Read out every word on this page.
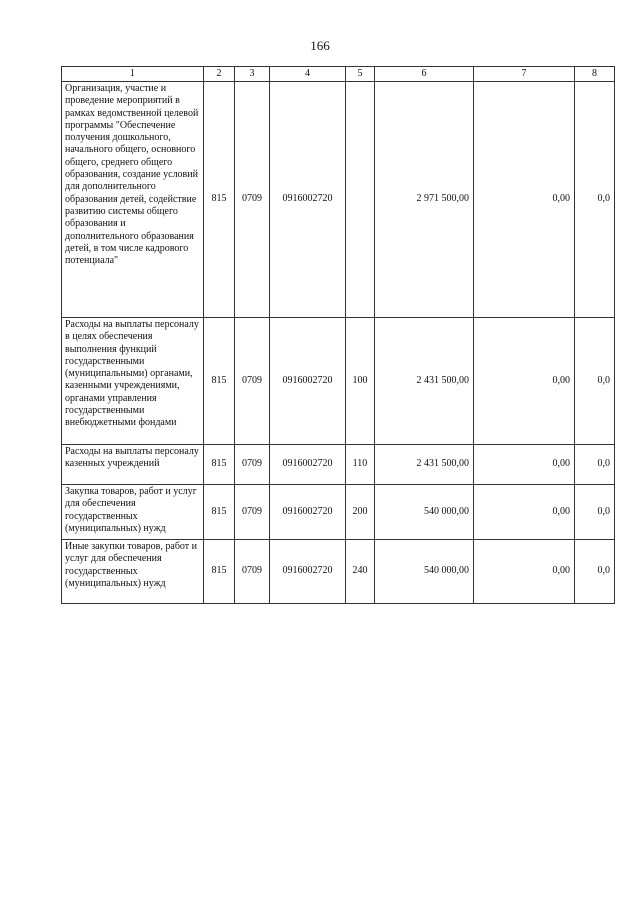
166
1	2	3	4	5	6	7	8
Организация, участие и проведение мероприятий в рамках ведомственной целевой программы "Обеспечение получения дошкольного, начального общего, основного общего, среднего общего образования, создание условий для дополнительного образования детей, содействие развитию системы общего образования и дополнительного образования детей, в том числе кадрового потенциала"	815	0709	0916002720		2 971 500,00	0,00	0,0
Расходы на выплаты персоналу в целях обеспечения выполнения функций государственными (муниципальными) органами, казенными учреждениями, органами управления государственными внебюджетными фондами	815	0709	0916002720	100	2 431 500,00	0,00	0,0
Расходы на выплаты персоналу казенных учреждений	815	0709	0916002720	110	2 431 500,00	0,00	0,0
Закупка товаров, работ и услуг для обеспечения государственных (муниципальных) нужд	815	0709	0916002720	200	540 000,00	0,00	0,0
Иные закупки товаров, работ и услуг для обеспечения государственных (муниципальных) нужд	815	0709	0916002720	240	540 000,00	0,00	0,0
